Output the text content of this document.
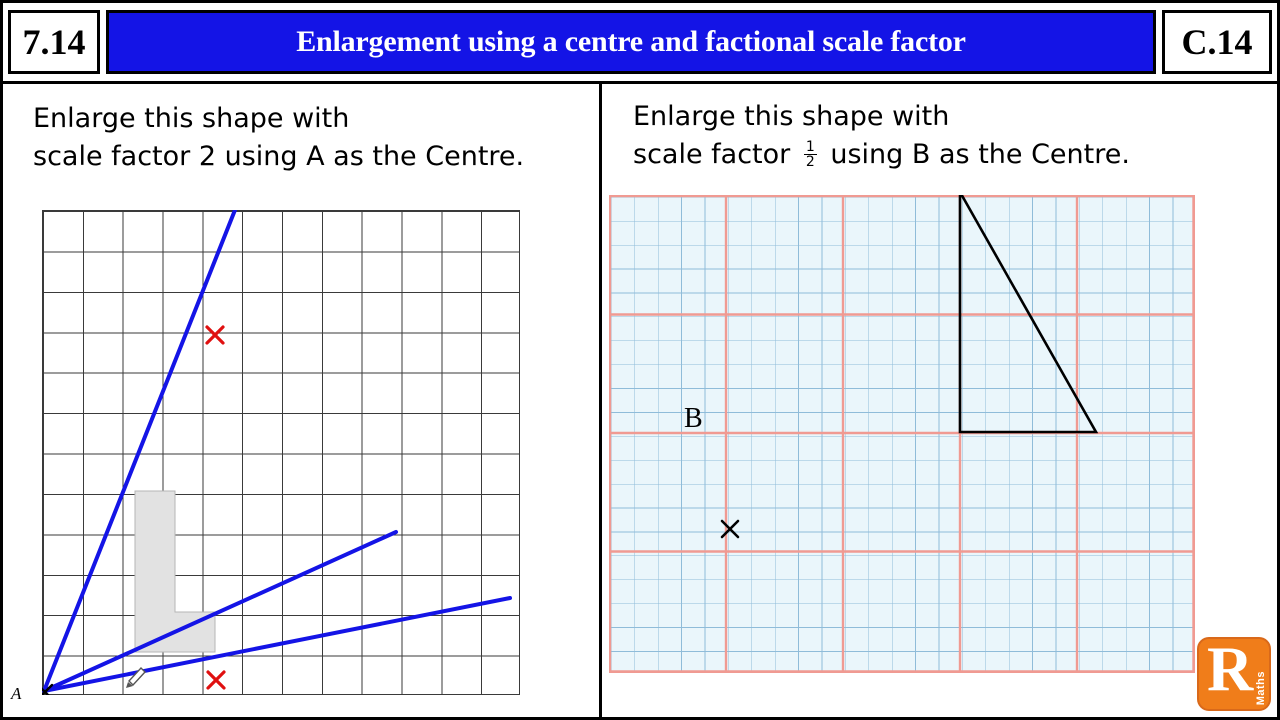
7.14	Enlargement using a centre and factional scale factor	C.14
Enlarge this shape with
scale factor 2 using A as the Centre.
A
Enlarge this shape with
scale factor $\frac{1}{2}$ using B as the Centre.
B
R Maths
